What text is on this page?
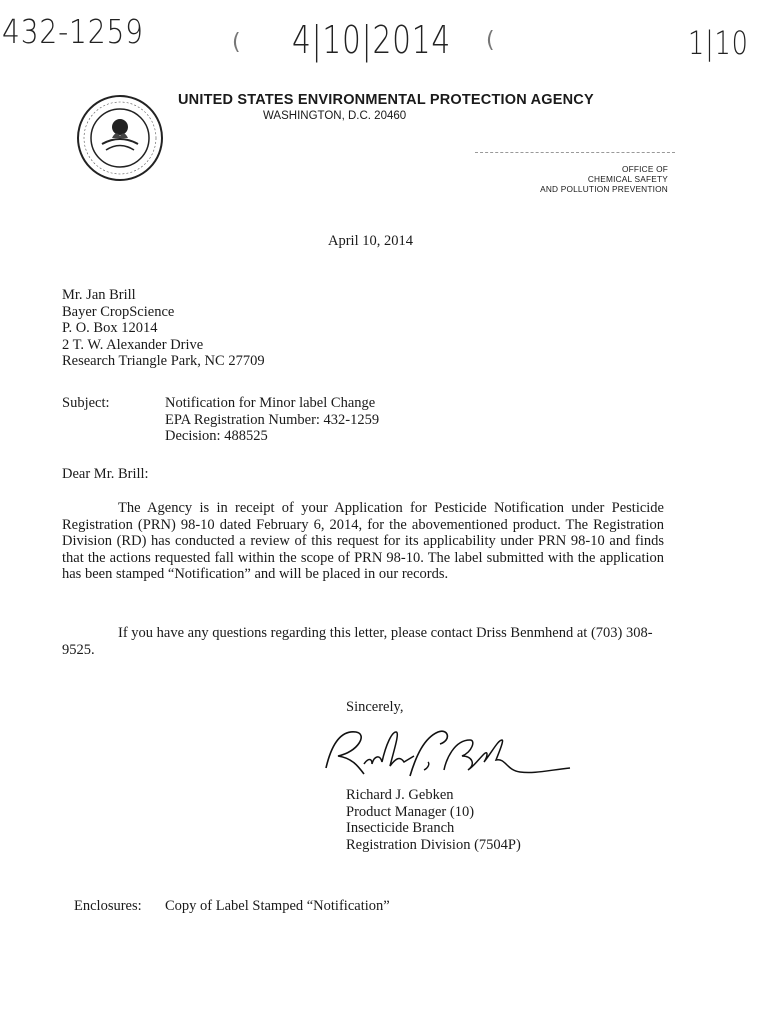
432-1259	4|10|2014	1|10
(	(
UNITED STATES ENVIRONMENTAL PROTECTION AGENCY
WASHINGTON, D.C. 20460
OFFICE OF
CHEMICAL SAFETY
AND POLLUTION PREVENTION
April 10, 2014
Mr. Jan Brill
Bayer CropScience
P. O. Box 12014
2 T. W. Alexander Drive
Research Triangle Park, NC 27709
Subject:	Notification for Minor label Change
EPA Registration Number: 432-1259
Decision: 488525
Dear Mr. Brill:
The Agency is in receipt of your Application for Pesticide Notification under Pesticide Registration (PRN) 98-10 dated February 6, 2014, for the abovementioned product. The Registration Division (RD) has conducted a review of this request for its applicability under PRN 98-10 and finds that the actions requested fall within the scope of PRN 98-10. The label submitted with the application has been stamped “Notification” and will be placed in our records.
If you have any questions regarding this letter, please contact Driss Benmhend at (703) 308-9525.
Sincerely,
Richard J. Gebken
Product Manager (10)
Insecticide Branch
Registration Division (7504P)
Enclosures: Copy of Label Stamped “Notification”
